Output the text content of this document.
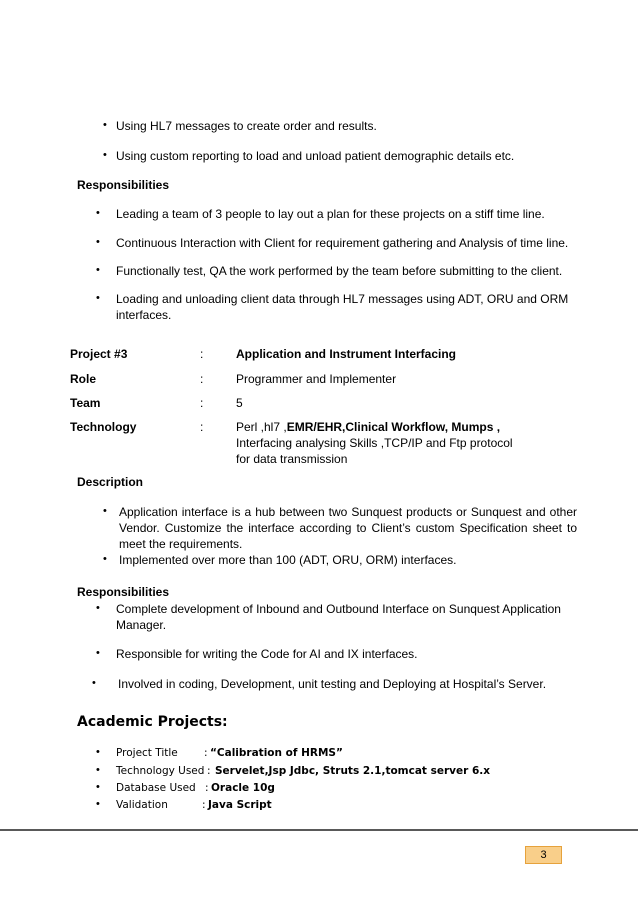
• Using HL7 messages to create order and results.
• Using custom reporting to load and unload patient demographic details etc.
Responsibilities
• Leading a team of 3 people to lay out a plan for these projects on a stiff time line.
• Continuous Interaction with Client for requirement gathering and Analysis of time line.
• Functionally test, QA the work performed by the team before submitting to the client.
• Loading and unloading client data through HL7 messages using ADT, ORU and ORM interfaces.
Project #3	:	Application and Instrument Interfacing
Role	:	Programmer and Implementer
Team	:	5
Technology	:	Perl ,hl7 ,EMR/EHR,Clinical Workflow, Mumps ,
Interfacing analysing Skills ,TCP/IP and Ftp protocol
for data transmission
Description
• Application interface is a hub between two Sunquest products or Sunquest and other Vendor. Customize the interface according to Client’s custom Specification sheet to meet the requirements.
• Implemented over more than 100 (ADT, ORU, ORM) interfaces.
Responsibilities
• Complete development of Inbound and Outbound Interface on Sunquest Application Manager.
• Responsible for writing the Code for AI and IX interfaces.
• Involved in coding, Development, unit testing and Deploying at Hospital’s Server.
Academic Projects:
• Project Title : “Calibration of HRMS”
• Technology Used : Servelet,Jsp Jdbc, Struts 2.1,tomcat server 6.x
• Database Used : Oracle 10g
• Validation	: Java Script
3
